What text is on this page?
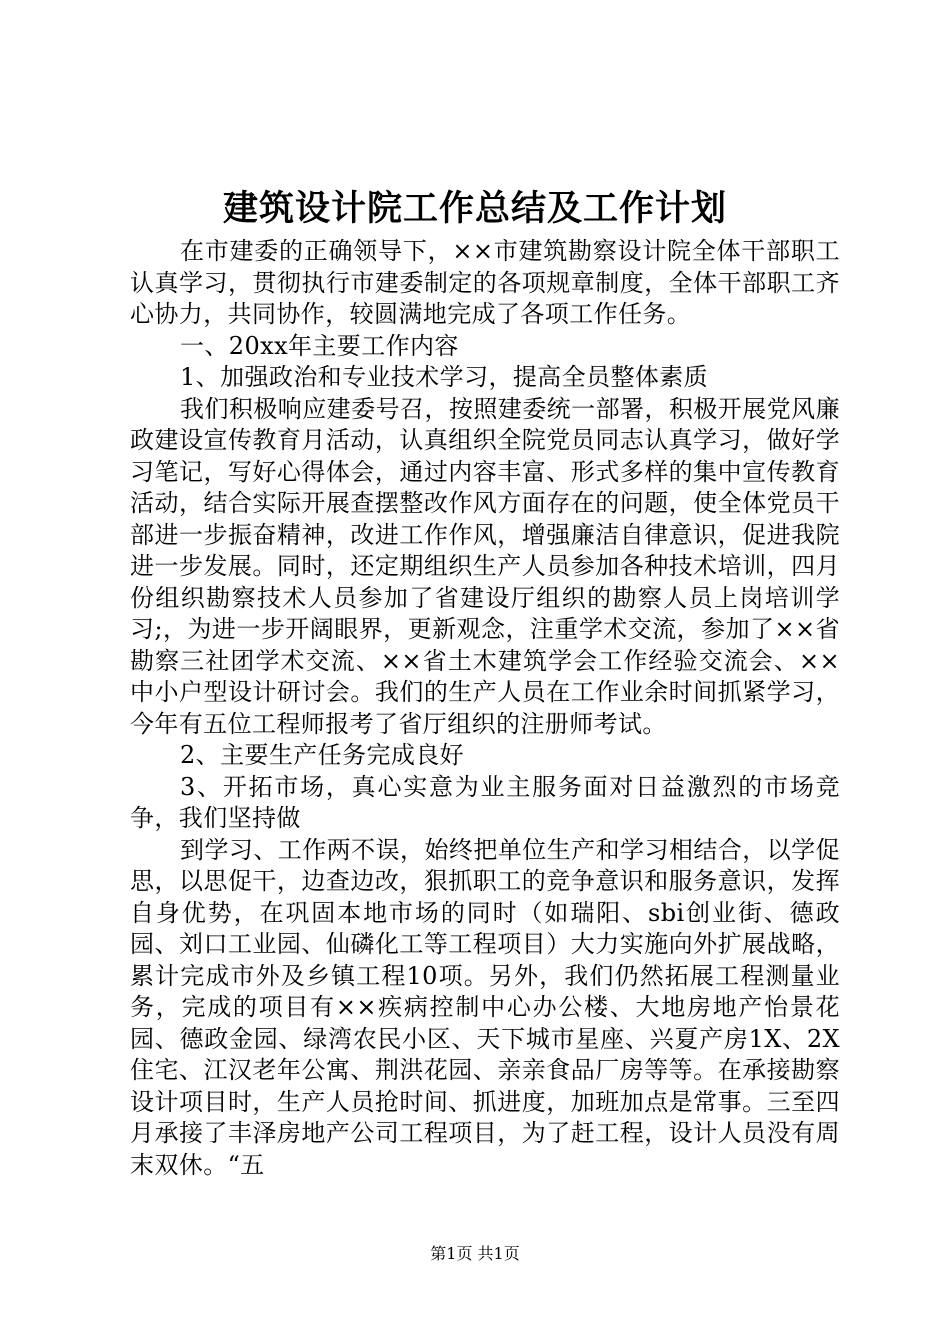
建筑设计院工作总结及工作计划

在市建委的正确领导下，××市建筑勘察设计院全体干部职工认真学习，贯彻执行市建委制定的各项规章制度，全体干部职工齐心协力，共同协作，较圆满地完成了各项工作任务。

一、20xx年主要工作内容

1、加强政治和专业技术学习，提高全员整体素质

我们积极响应建委号召，按照建委统一部署，积极开展党风廉政建设宣传教育月活动，认真组织全院党员同志认真学习，做好学习笔记，写好心得体会，通过内容丰富、形式多样的集中宣传教育活动，结合实际开展查摆整改作风方面存在的问题，使全体党员干部进一步振奋精神，改进工作作风，增强廉洁自律意识，促进我院进一步发展。同时，还定期组织生产人员参加各种技术培训，四月份组织勘察技术人员参加了省建设厅组织的勘察人员上岗培训学习;，为进一步开阔眼界，更新观念，注重学术交流，参加了××省勘察三社团学术交流、××省土木建筑学会工作经验交流会、××中小户型设计研讨会。我们的生产人员在工作业余时间抓紧学习，今年有五位工程师报考了省厅组织的注册师考试。

2、主要生产任务完成良好

3、开拓市场，真心实意为业主服务面对日益激烈的市场竞争，我们坚持做

到学习、工作两不误，始终把单位生产和学习相结合，以学促思，以思促干，边查边改，狠抓职工的竞争意识和服务意识，发挥自身优势，在巩固本地市场的同时（如瑞阳、sbi创业街、德政园、刘口工业园、仙磷化工等工程项目）大力实施向外扩展战略，累计完成市外及乡镇工程10项。另外，我们仍然拓展工程测量业务，完成的项目有××疾病控制中心办公楼、大地房地产怡景花园、德政金园、绿湾农民小区、天下城市星座、兴夏产房1X、2X住宅、江汉老年公寓、荆洪花园、亲亲食品厂房等等。在承接勘察设计项目时，生产人员抢时间、抓进度，加班加点是常事。三至四月承接了丰泽房地产公司工程项目，为了赶工程，设计人员没有周末双休。“五

第1页 共1页
